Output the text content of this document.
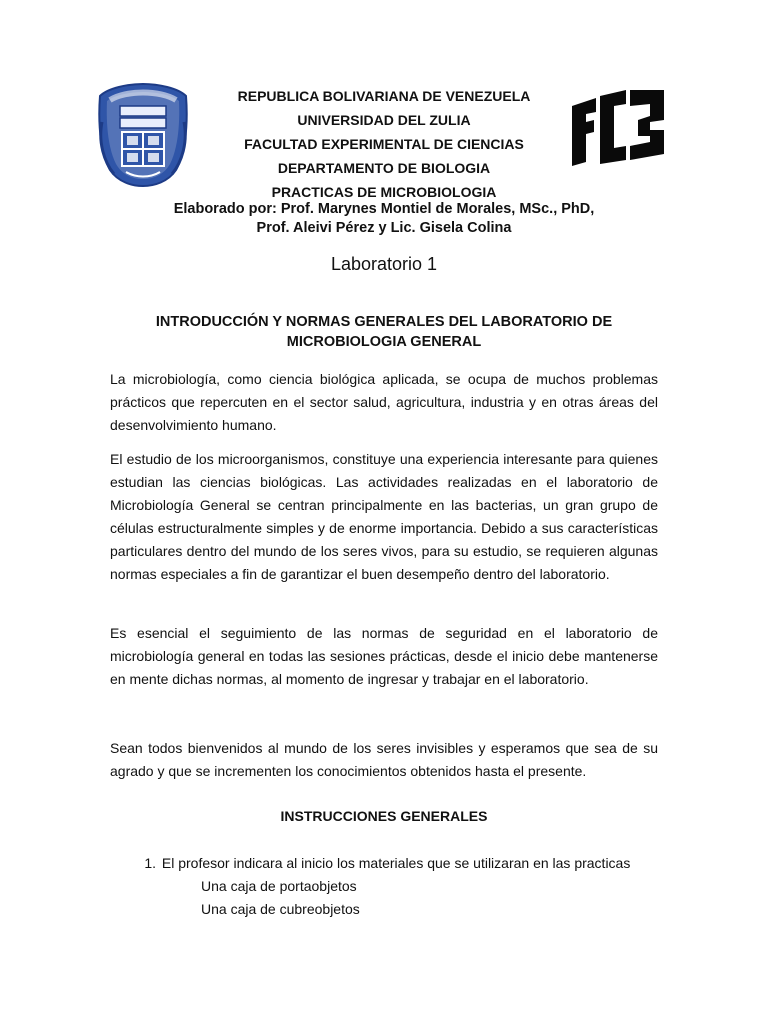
REPUBLICA BOLIVARIANA DE VENEZUELA
UNIVERSIDAD DEL ZULIA
FACULTAD EXPERIMENTAL DE CIENCIAS
DEPARTAMENTO DE BIOLOGIA
PRACTICAS DE MICROBIOLOGIA
Elaborado por: Prof. Marynes Montiel de Morales, MSc., PhD,
Prof. Aleivi Pérez y Lic. Gisela Colina
Laboratorio 1
INTRODUCCIÓN Y NORMAS GENERALES DEL LABORATORIO DE
MICROBIOLOGIA GENERAL

La microbiología, como ciencia biológica aplicada, se ocupa de muchos problemas prácticos que repercuten en el sector salud, agricultura, industria y en otras áreas del desenvolvimiento humano.

El estudio de los microorganismos, constituye una experiencia interesante para quienes estudian las ciencias biológicas. Las actividades realizadas en el laboratorio de Microbiología General se centran principalmente en las bacterias, un gran grupo de células estructuralmente simples y de enorme importancia. Debido a sus características particulares dentro del mundo de los seres vivos, para su estudio, se requieren algunas normas especiales a fin de garantizar el buen desempeño dentro del laboratorio.

Es esencial el seguimiento de las normas de seguridad en el laboratorio de microbiología general en todas las sesiones prácticas, desde el inicio debe mantenerse en mente dichas normas, al momento de ingresar y trabajar en el laboratorio.

Sean todos bienvenidos al mundo de los seres invisibles y esperamos que sea de su agrado y que se incrementen los conocimientos obtenidos hasta el presente.

INSTRUCCIONES GENERALES
1. El profesor indicara al inicio los materiales que se utilizaran en las practicas
Una caja de portaobjetos
Una caja de cubreobjetos
